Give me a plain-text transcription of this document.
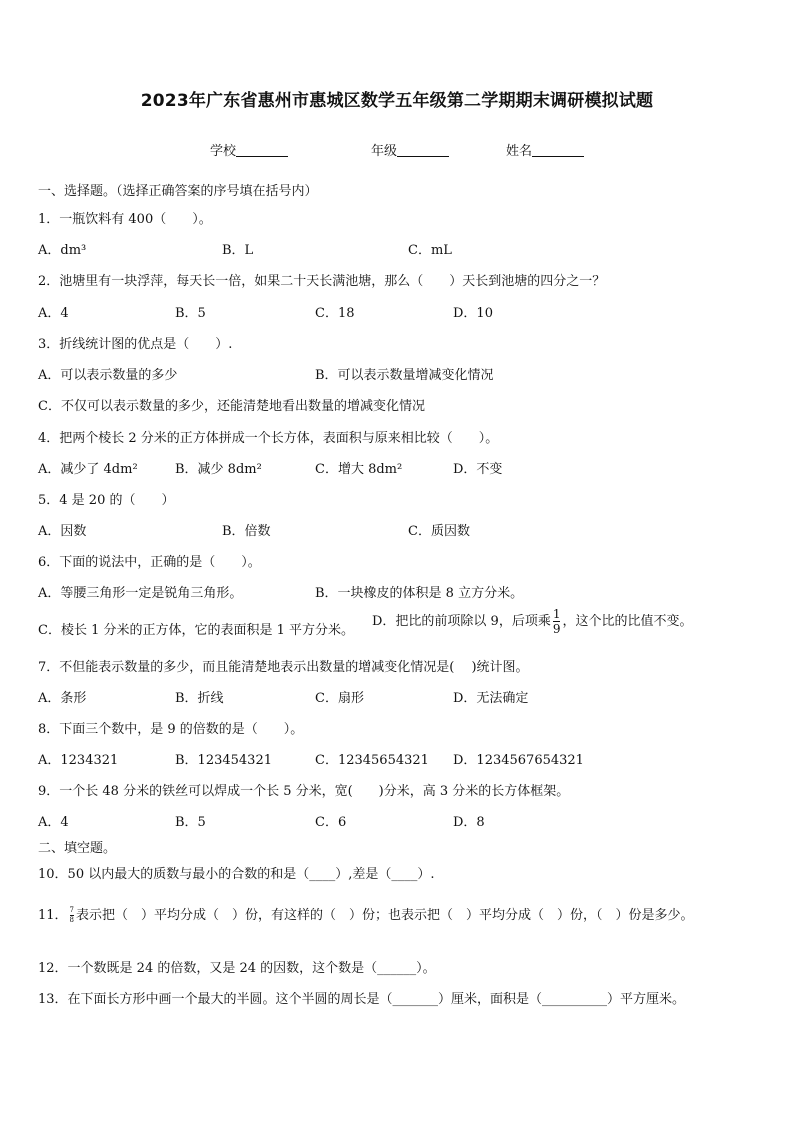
2023年广东省惠州市惠城区数学五年级第二学期期末调研模拟试题
学校	年级	姓名
一、选择题。（选择正确答案的序号填在括号内）
1．一瓶饮料有 400（　　）。
A．dm³	B．L	C．mL
2．池塘里有一块浮萍，每天长一倍，如果二十天长满池塘，那么（　　）天长到池塘的四分之一？
A．4	B．5	C．18	D．10
3．折线统计图的优点是（　　）.
A．可以表示数量的多少	B．可以表示数量增减变化情况
C．不仅可以表示数量的多少，还能清楚地看出数量的增减变化情况
4．把两个棱长 2 分米的正方体拼成一个长方体，表面积与原来相比较（　　）。
A．减少了 4dm²	B．减少 8dm²	C．增大 8dm²	D．不变
5．4 是 20 的（　　）
A．因数	B．倍数	C．质因数
6．下面的说法中，正确的是（　　）。
A．等腰三角形一定是锐角三角形。	B．一块橡皮的体积是 8 立方分米。
C．棱长 1 分米的正方体，它的表面积是 1 平方分米。
D．把比的前项除以 9，后项乘 $\frac{1}{9}$ ，这个比的比值不变。
7．不但能表示数量的多少，而且能清楚地表示出数量的增减变化情况是(　 )统计图。
A．条形	B．折线	C．扇形	D．无法确定
8．下面三个数中，是 9 的倍数的是（　　）。
A．1234321	B．123454321	C．12345654321 D．1234567654321
9．一个长 48 分米的铁丝可以焊成一个长 5 分米，宽(　　)分米，高 3 分米的长方体框架。
A．4	B．5	C．6	D．8
二、填空题。
10．50 以内最大的质数与最小的合数的和是（____）,差是（____）.
11． $\frac{7}{8}$ 表示把（　）平均分成（　）份，有这样的（　）份；也表示把（　）平均分成（　）份，（　）份是多少。
12．一个数既是 24 的倍数，又是 24 的因数，这个数是（______）。
13．在下面长方形中画一个最大的半圆。这个半圆的周长是（_______）厘米，面积是（__________）平方厘米。
